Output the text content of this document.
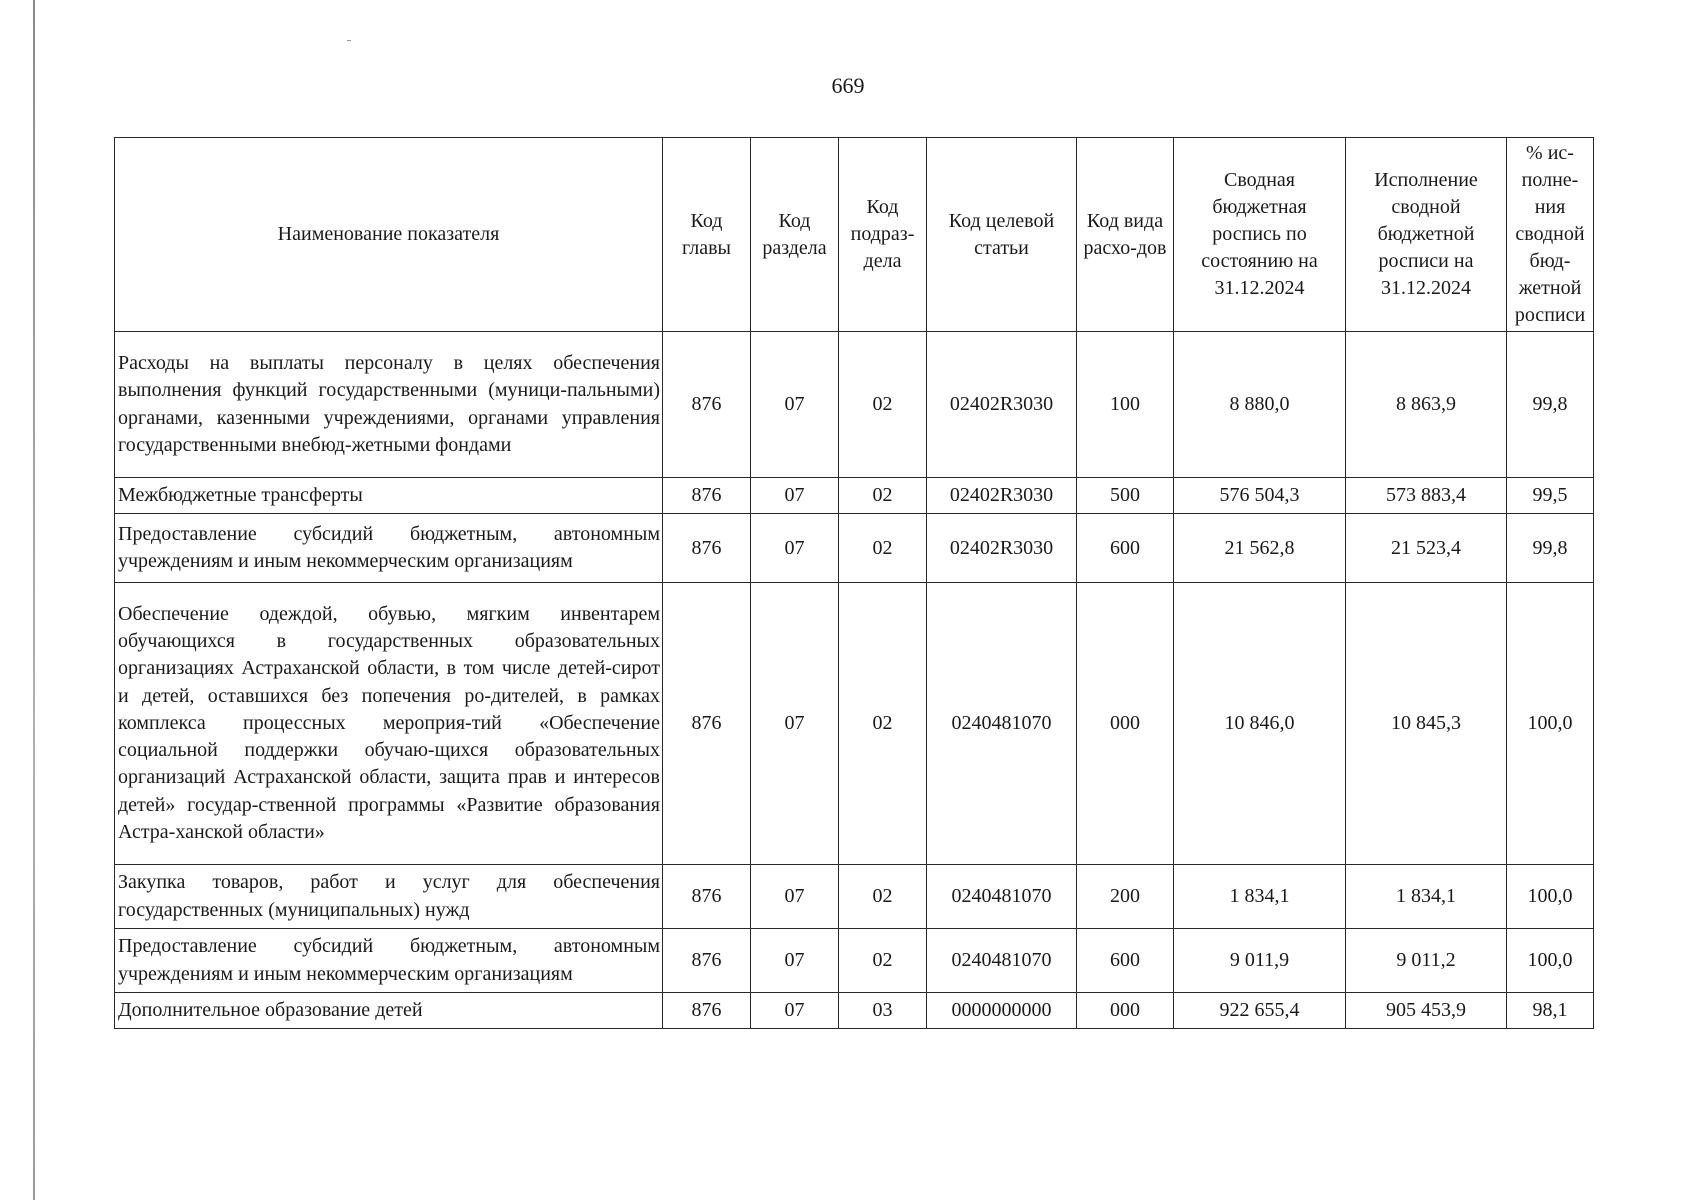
669
Наименование показателя	Код главы	Код раздела	Код подраз-дела	Код целевой статьи	Код вида расхо-дов	Сводная бюджетная роспись по состоянию на 31.12.2024	Исполнение сводной бюджетной росписи на 31.12.2024	% ис-полне-ния сводной бюд-жетной росписи
Расходы на выплаты персоналу в целях обеспечения выполнения функций государственными (муници-пальными) органами, казенными учреждениями, органами управления государственными внебюд-жетными фондами	876	07	02	02402R3030	100	8 880,0	8 863,9	99,8
Межбюджетные трансферты	876	07	02	02402R3030	500	576 504,3	573 883,4	99,5
Предоставление субсидий бюджетным, автономным учреждениям и иным некоммерческим организациям	876	07	02	02402R3030	600	21 562,8	21 523,4	99,8
Обеспечение одеждой, обувью, мягким инвентарем обучающихся в государственных образовательных организациях Астраханской области, в том числе детей-сирот и детей, оставшихся без попечения ро-дителей, в рамках комплекса процессных мероприя-тий «Обеспечение социальной поддержки обучаю-щихся образовательных организаций Астраханской области, защита прав и интересов детей» государ-ственной программы «Развитие образования Астра-ханской области»	876	07	02	0240481070	000	10 846,0	10 845,3	100,0
Закупка товаров, работ и услуг для обеспечения государственных (муниципальных) нужд	876	07	02	0240481070	200	1 834,1	1 834,1	100,0
Предоставление субсидий бюджетным, автономным учреждениям и иным некоммерческим организациям	876	07	02	0240481070	600	9 011,9	9 011,2	100,0
Дополнительное образование детей	876	07	03	0000000000	000	922 655,4	905 453,9	98,1
